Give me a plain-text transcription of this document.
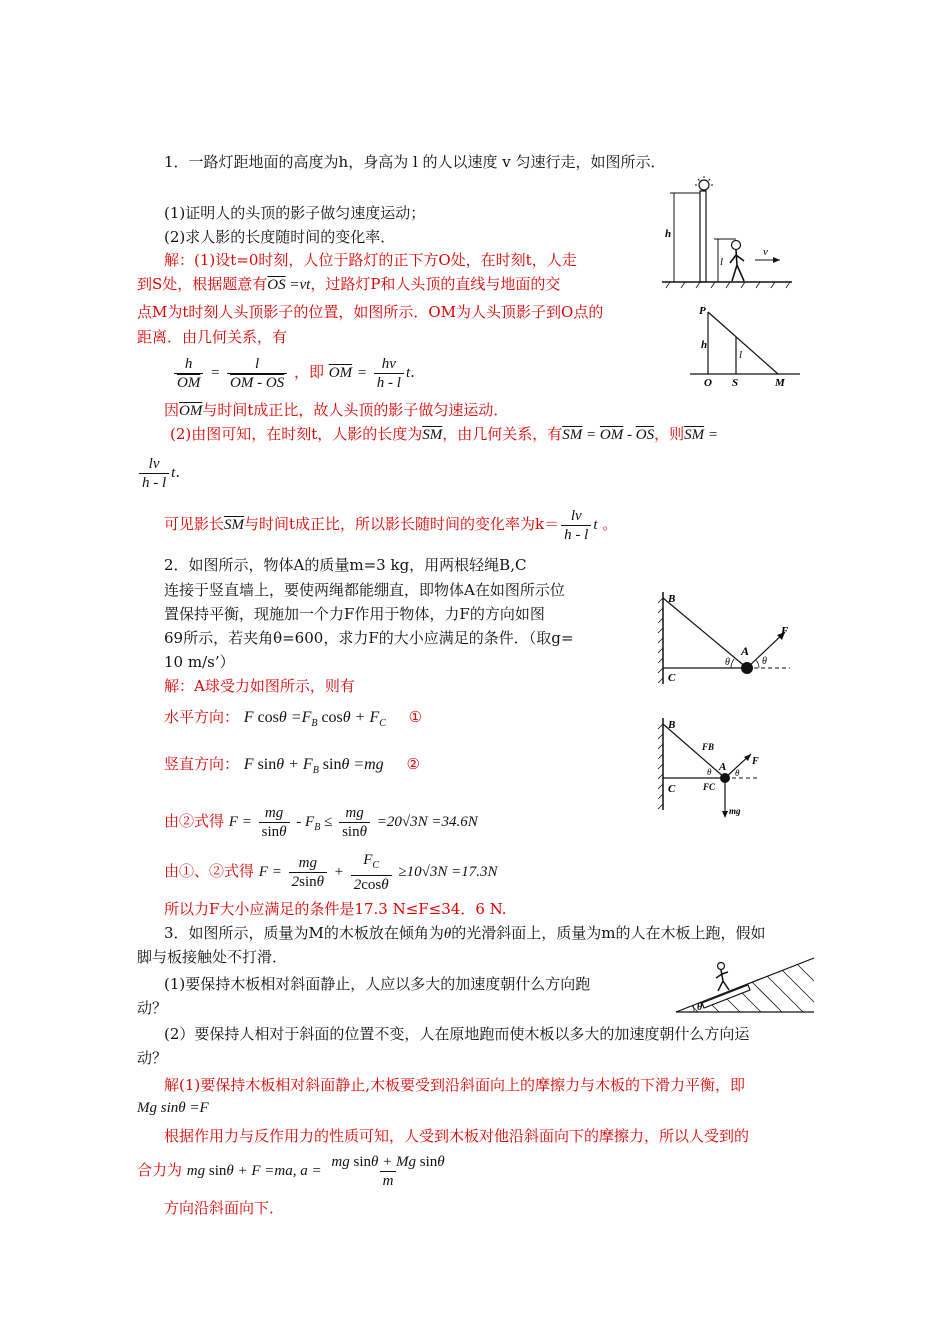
1．一路灯距地面的高度为h，身高为 l 的人以速度 v 匀速行走，如图所示．
(1)证明人的头顶的影子做匀速度运动；
(2)求人影的长度随时间的变化率．
解：(1)设t=0时刻，人位于路灯的正下方O处，在时刻t，人走
到S处，根据题意有$\overline{OS} =vt$，过路灯P和人头顶的直线与地面的交
点M为t时刻人头顶影子的位置，如图所示．OM为人头顶影子到O点的
距离．由几何关系，有
$\frac{h}{OM} = \frac{l}{OM - OS}$ ，即 $\overline{OM} = \frac{hv}{h - l} t$.
因$\overline{OM}$与时间t成正比，故人头顶的影子做匀速运动．
(2)由图可知，在时刻t，人影的长度为$\overline{SM}$，由几何关系，有$\overline{SM} = \overline{OM} - \overline{OS}$，则$\overline{SM}$ =
$\frac{lv}{h - l} t$.
可见影长$\overline{SM}$与时间t成正比，所以影长随时间的变化率为$k= \frac{lv}{h - l}$ t 。
h
l
v
P
h
l
O S	M
2．如图所示，物体A的质量m=3 kg，用两根轻绳B,C
连接于竖直墙上，要使两绳都能绷直，即物体A在如图所示位
置保持平衡，现施加一个力F作用于物体，力F的方向如图
69所示，若夹角θ=600，求力F的大小应满足的条件．（取g=
10 m/s’）
解：A球受力如图所示，则有
水平方向： F $\cos\theta =F_B$ $\cos\theta + F_C$ ①
竖直方向： F $\sin\theta + F_B$ sinθ =mg ②
由②式得 $F = \frac{mg}{\sin\theta} - F_B \le \frac{mg}{\sin\theta} =20√3N =34.6N$
由①、②式得 $F = \frac{mg}{2\sin\theta} + \frac{F_C}{2\cos\theta} \ge 10√3N =17.3N$
所以力F大小应满足的条件是17.3 N≤F≤34．6 N.
B
C
A
F
θ	θ
B
C
A	F
FB
FC
mg
θ	θ
3．如图所示，质量为M的木板放在倾角为θ的光滑斜面上，质量为m的人在木板上跑，假如
脚与板接触处不打滑．
(1)要保持木板相对斜面静止，人应以多大的加速度朝什么方向跑
动？
(2）要保持人相对于斜面的位置不变，人在原地跑而使木板以多大的加速度朝什么方向运
动？
解(1)要保持木板相对斜面静止,木板要受到沿斜面向上的摩擦力与木板的下滑力平衡，即
Mg sinθ =F
根据作用力与反作用力的性质可知，人受到木板对他沿斜面向下的摩擦力，所以人受到的
合力为 mg sinθ + F =ma, $a = \frac{\text{mg sinθ + Mg sinθ}}{m}$
方向沿斜面向下．
θ
